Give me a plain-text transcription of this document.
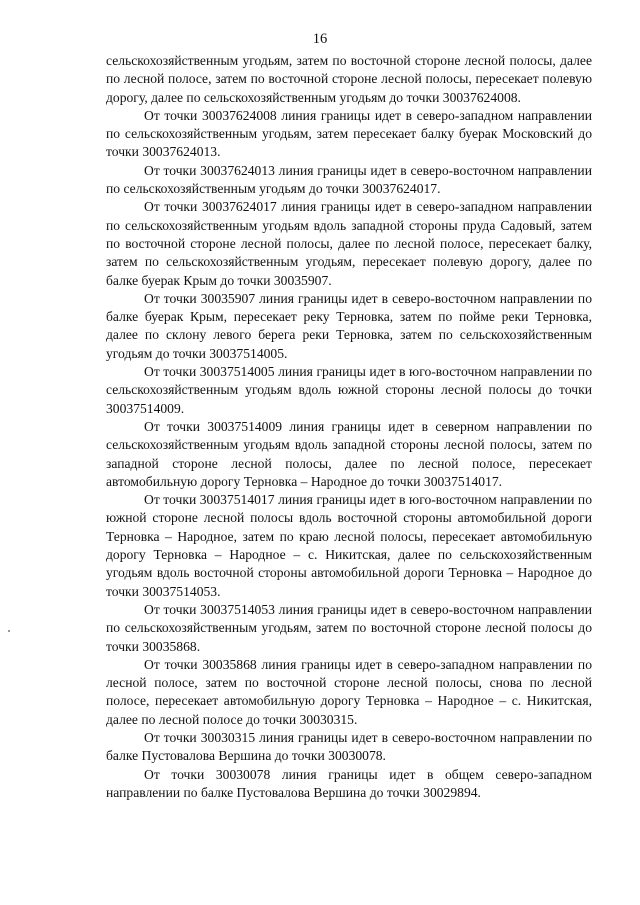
16

сельскохозяйственным угодьям, затем по восточной стороне лесной полосы, далее по лесной полосе, затем по восточной стороне лесной полосы, пересекает полевую дорогу, далее по сельскохозяйственным угодьям до точки 30037624008.

От точки 30037624008 линия границы идет в северо-западном направлении по сельскохозяйственным угодьям, затем пересекает балку буерак Московский до точки 30037624013.

От точки 30037624013 линия границы идет в северо-восточном направлении по сельскохозяйственным угодьям до точки 30037624017.

От точки 30037624017 линия границы идет в северо-западном направлении по сельскохозяйственным угодьям вдоль западной стороны пруда Садовый, затем по восточной стороне лесной полосы, далее по лесной полосе, пересекает балку, затем по сельскохозяйственным угодьям, пересекает полевую дорогу, далее по балке буерак Крым до точки 30035907.

От точки 30035907 линия границы идет в северо-восточном направлении по балке буерак Крым, пересекает реку Терновка, затем по пойме реки Терновка, далее по склону левого берега реки Терновка, затем по сельскохозяйственным угодьям до точки 30037514005.

От точки 30037514005 линия границы идет в юго-восточном направлении по сельскохозяйственным угодьям вдоль южной стороны лесной полосы до точки 30037514009.

От точки 30037514009 линия границы идет в северном направлении по сельскохозяйственным угодьям вдоль западной стороны лесной полосы, затем по западной стороне лесной полосы, далее по лесной полосе, пересекает автомобильную дорогу Терновка – Народное до точки 30037514017.

От точки 30037514017 линия границы идет в юго-восточном направлении по южной стороне лесной полосы вдоль восточной стороны автомобильной дороги Терновка – Народное, затем по краю лесной полосы, пересекает автомобильную дорогу Терновка – Народное – с. Никитская, далее по сельскохозяйственным угодьям вдоль восточной стороны автомобильной дороги Терновка – Народное до точки 30037514053.

От точки 30037514053 линия границы идет в северо-восточном направлении по сельскохозяйственным угодьям, затем по восточной стороне лесной полосы до точки 30035868.

От точки 30035868 линия границы идет в северо-западном направлении по лесной полосе, затем по восточной стороне лесной полосы, снова по лесной полосе, пересекает автомобильную дорогу Терновка – Народное – с. Никитская, далее по лесной полосе до точки 30030315.

От точки 30030315 линия границы идет в северо-восточном направлении по балке Пустовалова Вершина до точки 30030078.

От точки 30030078 линия границы идет в общем северо-западном направлении по балке Пустовалова Вершина до точки 30029894.
